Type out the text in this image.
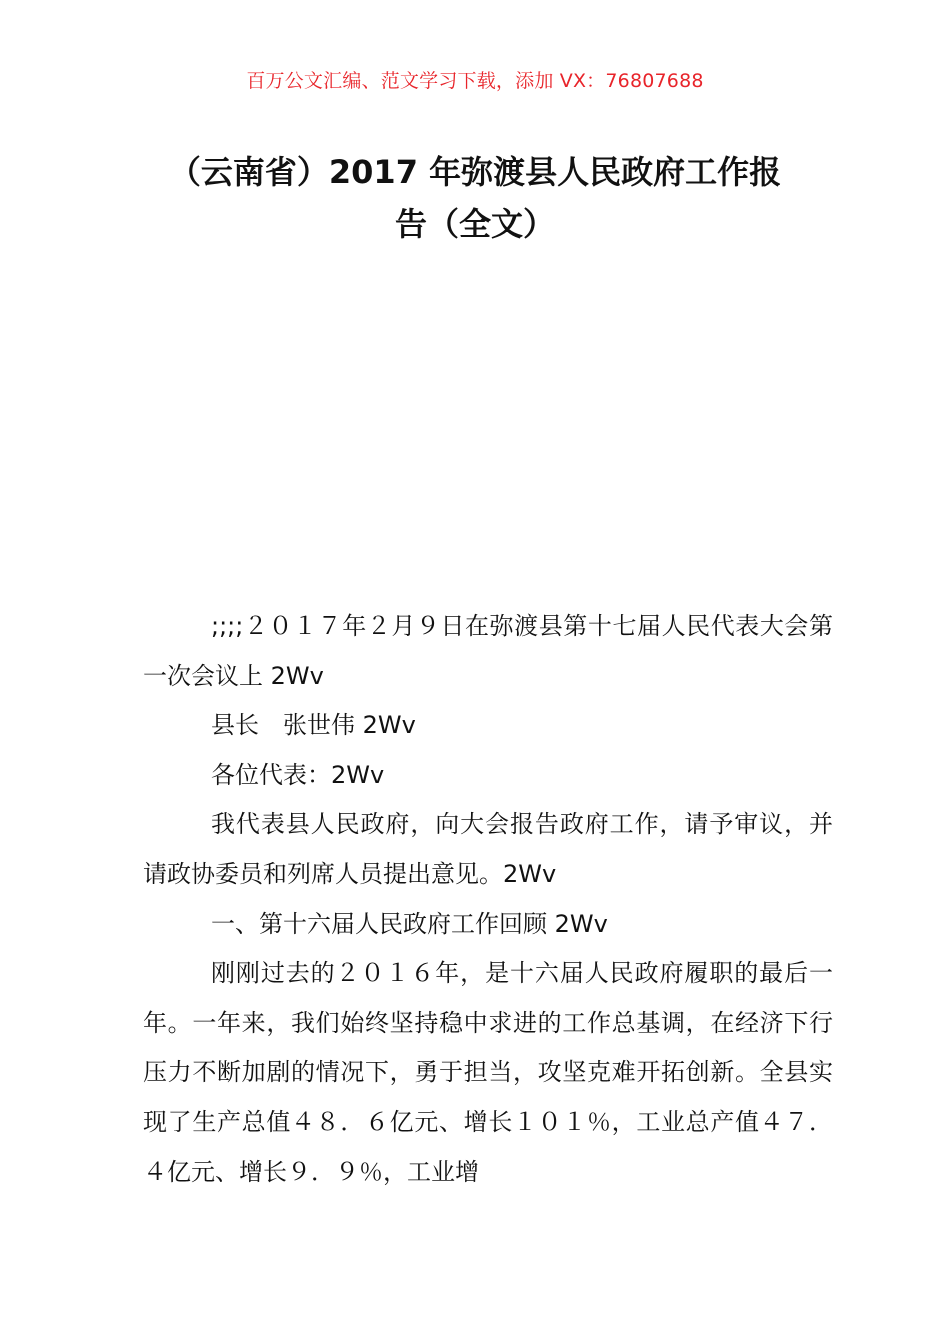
百万公文汇编、范文学习下载，添加 VX：76807688
（云南省）2017 年弥渡县人民政府工作报
告（全文）

;;;;２０１７年２月９日在弥渡县第十七届人民代表大会第一次会议上 2Wv

县长　张世伟 2Wv

各位代表：2Wv

我代表县人民政府，向大会报告政府工作，请予审议，并请政协委员和列席人员提出意见。2Wv

一、第十六届人民政府工作回顾 2Wv

刚刚过去的２０１６年，是十六届人民政府履职的最后一年。一年来，我们始终坚持稳中求进的工作总基调，在经济下行压力不断加剧的情况下，勇于担当，攻坚克难开拓创新。全县实现了生产总值４８．６亿元、增长１０１％，工业总产值４７．４亿元、增长９．９％，工业增
